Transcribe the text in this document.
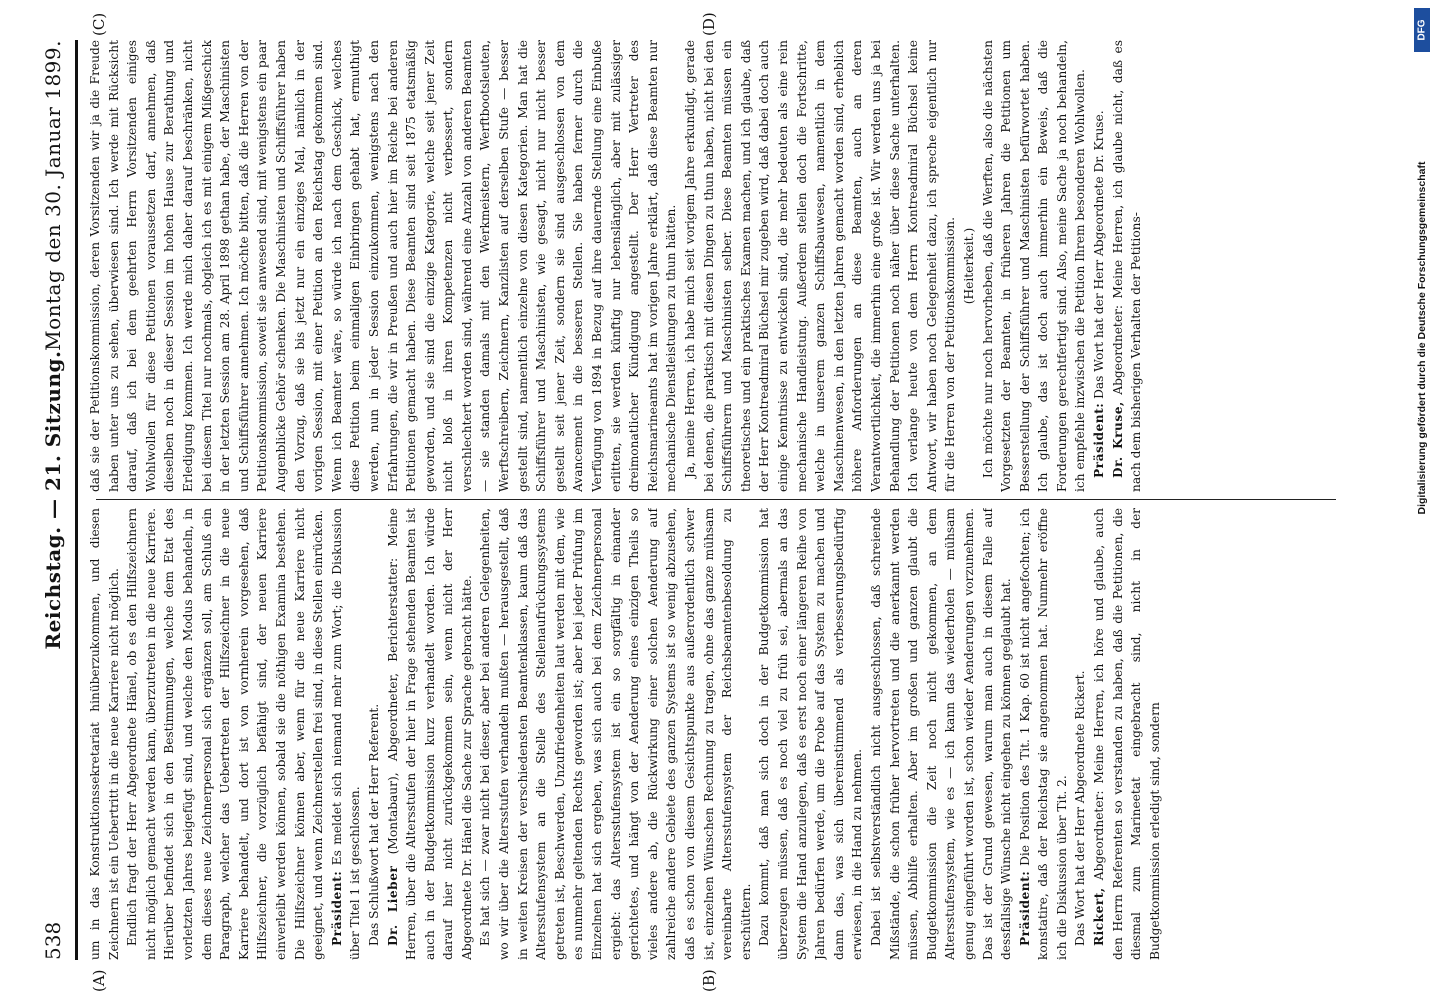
538
Reichstag. — 21. Sitzung.
Montag den 30. Januar 1899.
(A)	(B)
(C)	(D)

um in das Konstruktionssekretariat hinüberzukommen, und diesen Zeichnern ist ein Uebertritt in die neue Karriere nicht möglich. Endlich fragt der Herr Abgeordnete Hänel, ob es den Hilfszeichnern nicht möglich gemacht werden kann, überzutreten in die neue Karriere. Hierüber befindet sich in den Bestimmungen, welche dem Etat des vorletzten Jahres beigefügt sind, und welche den Modus behandeln, in dem dieses neue Zeichnerpersonal sich ergänzen soll, am Schluß ein Paragraph, welcher das Uebertreten der Hilfszeichner in die neue Karriere behandelt, und dort ist von vornherein vorgesehen, daß Hilfszeichner, die vorzüglich befähigt sind, der neuen Karriere einverleibt werden können, sobald sie die nöthigen Examina bestehen. Die Hilfszeichner können aber, wenn für die neue Karriere nicht geeignet, und wenn Zeichnerstellen frei sind, in diese Stellen einrücken. Präsident: Es meldet sich niemand mehr zum Wort; die Diskussion über Titel 1 ist geschlossen. Das Schlußwort hat der Herr Referent. Dr. Lieber (Montabaur), Abgeordneter, Berichterstatter: Meine Herren, über die Altersstufen der hier in Frage stehenden Beamten ist auch in der Budgetkommission kurz verhandelt worden. Ich würde darauf hier nicht zurückgekommen sein, wenn nicht der Herr Abgeordnete Dr. Hänel die Sache zur Sprache gebracht hätte. Es hat sich — zwar nicht bei dieser, aber bei anderen Gelegenheiten, wo wir über die Altersstufen verhandeln mußten — herausgestellt, daß in weiten Kreisen der verschiedensten Beamtenklassen, kaum daß das Altersstufensystem an die Stelle des Stellenaufrückungssystems getreten ist, Beschwerden, Unzufriedenheiten laut werden mit dem, wie es nunmehr geltenden Rechts geworden ist; aber bei jeder Prüfung im Einzelnen hat sich ergeben, was sich auch bei dem Zeichnerpersonal ergiebt: das Altersstufensystem ist ein so sorgfältig in einander gerichtetes, und hängt von der Aenderung eines einzigen Theils so vieles andere ab, die Rückwirkung einer solchen Aenderung auf zahlreiche andere Gebiete des ganzen Systems ist so wenig abzusehen, daß es schon von diesem Gesichtspunkte aus außerordentlich schwer ist, einzelnen Wünschen Rechnung zu tragen, ohne das ganze mühsam vereinbarte Altersstufensystem der Reichsbeamtenbesoldung zu erschüttern. Dazu kommt, daß man sich doch in der Budgetkommission hat überzeugen müssen, daß es noch viel zu früh sei, abermals an das System die Hand anzulegen, daß es erst noch einer längeren Reihe von Jahren bedürfen werde, um die Probe auf das System zu machen und dann das, was sich übereinstimmend als verbesserungsbedürftig erwiesen, in die Hand zu nehmen. Dabei ist selbstverständlich nicht ausgeschlossen, daß schreiende Mißstände, die schon früher hervortreten und die anerkannt werden müssen, Abhilfe erhalten. Aber im großen und ganzen glaubt die Budgetkommission die Zeit noch nicht gekommen, an dem Altersstufensystem, wie es — ich kann das wiederholen — mühsam genug eingeführt worden ist, schon wieder Aenderungen vorzunehmen. Das ist der Grund gewesen, warum man auch in diesem Falle auf dessfallsige Wünsche nicht eingehen zu können geglaubt hat. Präsident: Die Position des Tit. 1 Kap. 60 ist nicht angefochten; ich konstatire, daß der Reichstag sie angenommen hat. Nunmehr eröffne ich die Diskussion über Tit. 2. Das Wort hat der Herr Abgeordnete Rickert. Rickert, Abgeordneter: Meine Herren, ich höre und glaube, auch den Herrn Referenten so verstanden zu haben, daß die Petitionen, die diesmal zum Marineetat eingebracht sind, nicht in der Budgetkommission erledigt sind, sondern

daß sie der Petitionskommission, deren Vorsitzenden wir ja die Freude haben unter uns zu sehen, überwiesen sind. Ich werde mit Rücksicht darauf, daß ich bei dem geehrten Herrn Vorsitzenden einiges Wohlwollen für diese Petitionen voraussetzen darf, annehmen, daß dieselben noch in dieser Session im hohen Hause zur Berathung und Erledigung kommen. Ich werde mich daher darauf beschränken, nicht bei diesem Titel nur nochmals, obgleich ich es mit einigem Mißgeschick in der letzten Session am 28. April 1898 gethan habe, der Maschinisten und Schiffsführer annehmen. Ich möchte bitten, daß die Herren von der Petitionskommission, soweit sie anwesend sind, mit wenigstens ein paar Augenblicke Gehör schenken. Die Maschinisten und Schiffsführer haben den Vorzug, daß sie bis jetzt nur ein einziges Mal, nämlich in der vorigen Session, mit einer Petition an den Reichstag gekommen sind. Wenn ich Beamter wäre, so würde ich nach dem Geschick, welches diese Petition beim einmaligen Einbringen gehabt hat, ermuthigt werden, nun in jeder Session einzukommen, wenigstens nach den Erfahrungen, die wir in Preußen und auch hier im Reiche bei anderen Petitionen gemacht haben. Diese Beamten sind seit 1875 etatsmäßig geworden, und sie sind die einzige Kategorie, welche seit jener Zeit nicht bloß in ihren Kompetenzen nicht verbessert, sondern verschlechtert worden sind, während eine Anzahl von anderen Beamten — sie standen damals mit den Werkmeistern, Werftbootsleuten, Werftschreibern, Zeichnern, Kanzlisten auf derselben Stufe — besser gestellt sind, namentlich einzelne von diesen Kategorien. Man hat die Schiffsführer und Maschinisten, wie gesagt, nicht nur nicht besser gestellt seit jener Zeit, sondern sie sind ausgeschlossen von dem Avancement in die besseren Stellen. Sie haben ferner durch die Verfügung von 1894 in Bezug auf ihre dauernde Stellung eine Einbuße erlitten, sie werden künftig nur lebenslänglich, aber mit zulässiger dreimonatlicher Kündigung angestellt. Der Herr Vertreter des Reichsmarineamts hat im vorigen Jahre erklärt, daß diese Beamten nur mechanische Dienstleistungen zu thun hätten. Ja, meine Herren, ich habe mich seit vorigem Jahre erkundigt, gerade bei denen, die praktisch mit diesen Dingen zu thun haben, nicht bei den Schiffsführern und Maschinisten selber. Diese Beamten müssen ein theoretisches und ein praktisches Examen machen, und ich glaube, daß der Herr Kontreadmiral Büchsel mir zugeben wird, daß dabei doch auch einige Kenntnisse zu entwickeln sind, die mehr bedeuten als eine rein mechanische Handleistung. Außerdem stellen doch die Fortschritte, welche in unserem ganzen Schiffsbauwesen, namentlich in dem Maschinenwesen, in den letzten Jahren gemacht worden sind, erheblich höhere Anforderungen an diese Beamten, auch an deren Verantwortlichkeit, die immerhin eine große ist. Wir werden uns ja bei Behandlung der Petitionen noch näher über diese Sache unterhalten. Ich verlange heute von dem Herrn Kontreadmiral Büchsel keine Antwort, wir haben noch Gelegenheit dazu, ich spreche eigentlich nur für die Herren von der Petitionskommission. (Heiterkeit.) Ich möchte nur noch hervorheben, daß die Werften, also die nächsten Vorgesetzten der Beamten, in früheren Jahren die Petitionen um Besserstellung der Schiffsführer und Maschinisten befürwortet haben. Ich glaube, das ist doch auch immerhin ein Beweis, daß die Forderungen gerechtfertigt sind. Also, meine Sache ja noch behandeln, ich empfehle inzwischen die Petition Ihrem besonderen Wohlwollen. Präsident: Das Wort hat der Herr Abgeordnete Dr. Kruse.

Dr. Kruse, Abgeordneter: Meine Herren, ich glaube nicht, daß es nach dem bisherigen Verhalten der Petitions-

DFG
Digitalisierung gefördert durch die Deutsche Forschungsgemeinschaft
